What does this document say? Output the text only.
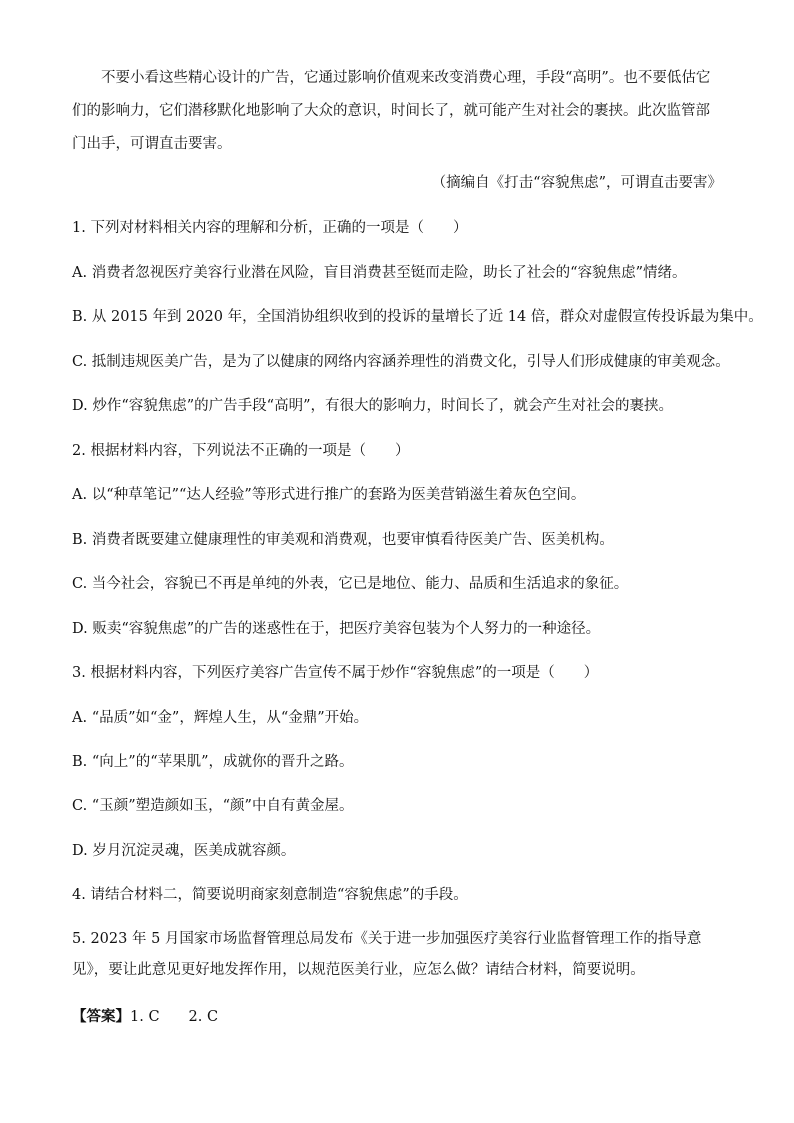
不要小看这些精心设计的广告，它通过影响价值观来改变消费心理，手段“高明”。也不要低估它们的影响力，它们潜移默化地影响了大众的意识，时间长了，就可能产生对社会的裹挟。此次监管部门出手，可谓直击要害。

（摘编自《打击“容貌焦虑”，可谓直击要害》

1. 下列对材料相关内容的理解和分析，正确的一项是（　　）

A. 消费者忽视医疗美容行业潜在风险，盲目消费甚至铤而走险，助长了社会的“容貌焦虑”情绪。

B. 从 2015 年到 2020 年，全国消协组织收到的投诉的量增长了近 14 倍，群众对虚假宣传投诉最为集中。

C. 抵制违规医美广告，是为了以健康的网络内容涵养理性的消费文化，引导人们形成健康的审美观念。

D. 炒作“容貌焦虑”的广告手段“高明”，有很大的影响力，时间长了，就会产生对社会的裹挟。

2. 根据材料内容，下列说法不正确的一项是（　　）

A. 以“种草笔记”“达人经验”等形式进行推广的套路为医美营销滋生着灰色空间。

B. 消费者既要建立健康理性的审美观和消费观，也要审慎看待医美广告、医美机构。

C. 当今社会，容貌已不再是单纯的外表，它已是地位、能力、品质和生活追求的象征。

D. 贩卖“容貌焦虑”的广告的迷惑性在于，把医疗美容包装为个人努力的一种途径。

3. 根据材料内容，下列医疗美容广告宣传不属于炒作“容貌焦虑”的一项是（　　）

A. “品质”如“金”，辉煌人生，从“金鼎”开始。

B. “向上”的“苹果肌”，成就你的晋升之路。

C. “玉颜”塑造颜如玉，“颜”中自有黄金屋。

D. 岁月沉淀灵魂，医美成就容颜。

4. 请结合材料二，简要说明商家刻意制造“容貌焦虑”的手段。

5. 2023 年 5 月国家市场监督管理总局发布《关于进一步加强医疗美容行业监督管理工作的指导意见》，要让此意见更好地发挥作用，以规范医美行业，应怎么做？请结合材料，简要说明。

【答案】1. C　　2. C
